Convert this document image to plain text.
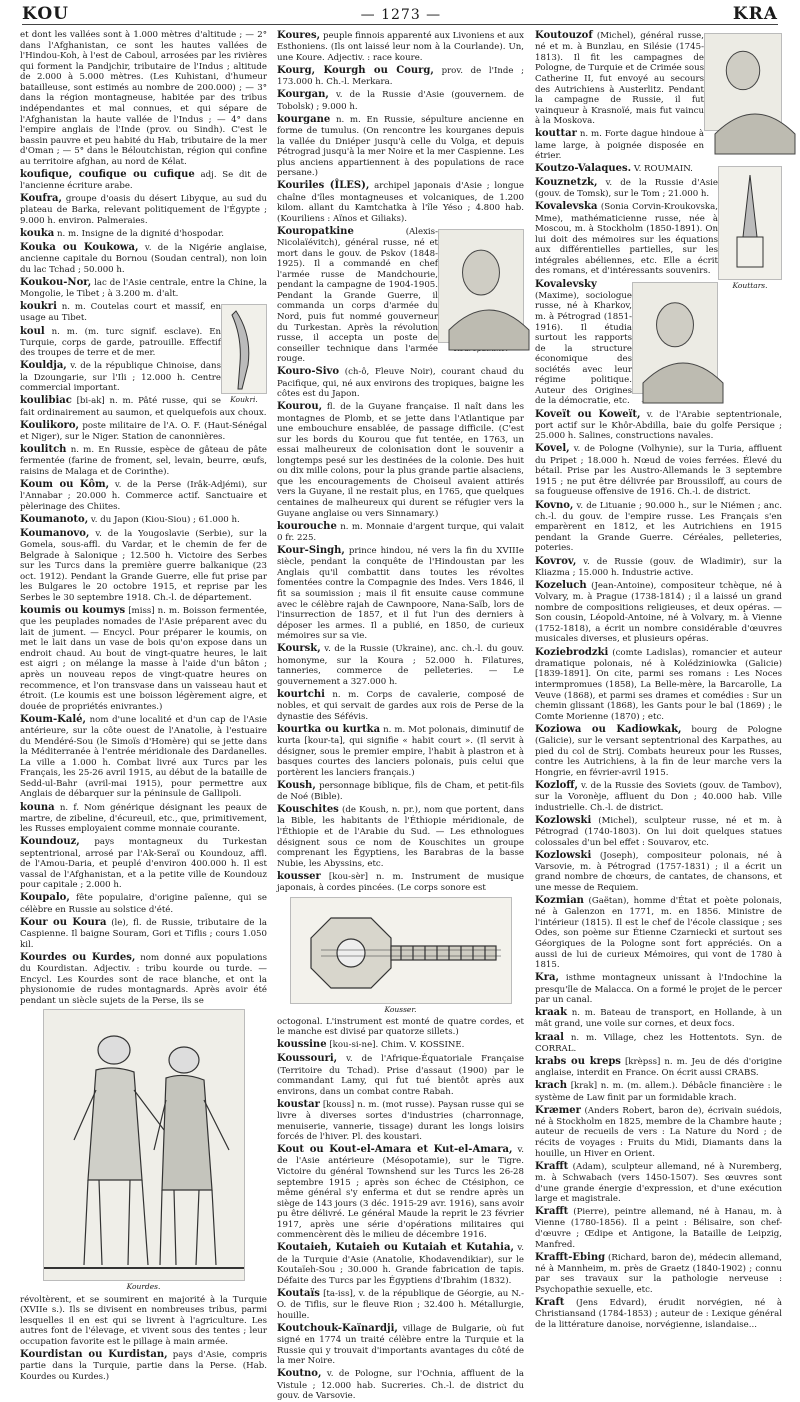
KOU	— 1273 —	KRA

et dont les vallées sont à 1.000 mètres d'altitude ; — 2° dans l'Afghanistan, ce sont les hautes vallées de l'Hindou-Koh, à l'est de Caboul, arrosées par les rivières qui forment la Pandjchir, tributaire de l'Indus ; altitude de 2.000 à 5.000 mètres. (Les Kuhistani, d'humeur batailleuse, sont estimés au nombre de 200.000) ; — 3° dans la région montagneuse, habitée par des tribus indépendantes et mal connues, et qui sépare de l'Afghanistan la haute vallée de l'Indus ; — 4° dans l'empire anglais de l'Inde (prov. ou Sindh). C'est le bassin pauvre et peu habité du Hab, tributaire de la mer d'Oman ; — 5° dans le Béloutchistan, région qui confine au territoire afghan, au nord de Kélat.

koufique, coufique ou cufique adj. Se dit de l'ancienne écriture arabe.

Koufra, groupe d'oasis du désert Libyque, au sud du plateau de Barka, relevant politiquement de l'Égypte ; 9.000 h. environ. Palmeraies.

kouka n. m. Insigne de la dignité d'hospodar.

Kouka ou Koukowa, v. de la Nigérie anglaise, ancienne capitale du Bornou (Soudan central), non loin du lac Tchad ; 50.000 h.

Koukou-Nor, lac de l'Asie centrale, entre la Chine, la Mongolie, le Tibet ; à 3.200 m. d'alt.

Koukri.

koukri n. m. Coutelas court et massif, en usage au Tibet.

koul n. m. (m. turc signif. esclave). En Turquie, corps de garde, patrouille. Effectif des troupes de terre et de mer.

Kouldja, v. de la république Chinoise, dans la Dzoungarie, sur l'Ili ; 12.000 h. Centre commercial important.

koulibiac [bi-ak] n. m. Pâté russe, qui se fait ordinairement au saumon, et quelquefois aux choux.

Koulikoro, poste militaire de l'A. O. F. (Haut-Sénégal et Niger), sur le Niger. Station de canonnières.

koulitch n. m. En Russie, espèce de gâteau de pâte fermentée (farine de froment, sel, levain, beurre, œufs, raisins de Malaga et de Corinthe).

Koum ou Kôm, v. de la Perse (Irâk-Adjémi), sur l'Annabar ; 20.000 h. Commerce actif. Sanctuaire et pèlerinage des Chiites.

Koumanoto, v. du Japon (Kiou-Siou) ; 61.000 h.

Koumanovo, v. de la Yougoslavie (Serbie), sur la Gomela, sous-affl. du Vardar, et le chemin de fer de Belgrade à Salonique ; 12.500 h. Victoire des Serbes sur les Turcs dans la première guerre balkanique (23 oct. 1912). Pendant la Grande Guerre, elle fut prise par les Bulgares le 20 octobre 1915, et reprise par les Serbes le 30 septembre 1918. Ch.-l. de département.

koumis ou koumys [miss] n. m. Boisson fermentée, que les peuplades nomades de l'Asie préparent avec du lait de jument. — Encycl. Pour préparer le koumis, on met le lait dans un vase de bois qu'on expose dans un endroit chaud. Au bout de vingt-quatre heures, le lait est aigri ; on mélange la masse à l'aide d'un bâton ; après un nouveau repos de vingt-quatre heures on recommence, et l'on transvase dans un vaisseau haut et étroit. (Le koumis est une boisson légèrement aigre, et douée de propriétés enivrantes.)

Koum-Kalé, nom d'une localité et d'un cap de l'Asie antérieure, sur la côte ouest de l'Anatolie, à l'estuaire du Mendéré-Sou (le Simoïs d'Homère) qui se jette dans la Méditerranée à l'entrée méridionale des Dardanelles. La ville a 1.000 h. Combat livré aux Turcs par les Français, les 25-26 avril 1915, au début de la bataille de Sedd-ul-Bahr (avril-mai 1915), pour permettre aux Anglais de débarquer sur la péninsule de Gallipoli.

kouna n. f. Nom générique désignant les peaux de martre, de zibeline, d'écureuil, etc., que, primitivement, les Russes employaient comme monnaie courante.

Koundouz, pays montagneux du Turkestan septentrional, arrosé par l'Ak-Seraï ou Koundouz, affl. de l'Amou-Daria, et peuplé d'environ 400.000 h. Il est vassal de l'Afghanistan, et a la petite ville de Koundouz pour capitale ; 2.000 h.

Koupalo, fête populaire, d'origine païenne, qui se célèbre en Russie au solstice d'été.

Kour ou Koura (le), fl. de Russie, tributaire de la Caspienne. Il baigne Souram, Gori et Tiflis ; cours 1.050 kil.

Kourdes ou Kurdes, nom donné aux populations du Kourdistan. Adjectiv. : tribu kourde ou turde. — Encycl. Les Kourdes sont de race blanche, et ont la physionomie de rudes montagnards. Après avoir été pendant un siècle sujets de la Perse, ils se

Kourdes.

révoltèrent, et se soumirent en majorité à la Turquie (XVIIe s.). Ils se divisent en nombreuses tribus, parmi lesquelles il en est qui se livrent à l'agriculture. Les autres font de l'élevage, et vivent sous des tentes ; leur occupation favorite est le pillage à main armée.

Kourdistan ou Kurdistan, pays d'Asie, compris partie dans la Turquie, partie dans la Perse. (Hab. Kourdes ou Kurdes.)

Koures, peuple finnois apparenté aux Livoniens et aux Esthoniens. (Ils ont laissé leur nom à la Courlande). Un, une Koure. Adjectiv. : race koure.

Kourg, Kourgh ou Courg, prov. de l'Inde ; 173.000 h. Ch.-l. Merkara.

Kourgan, v. de la Russie d'Asie (gouvernem. de Tobolsk) ; 9.000 h.

kourgane n. m. En Russie, sépulture ancienne en forme de tumulus. (On rencontre les kourganes depuis la vallée du Dniéper jusqu'à celle du Volga, et depuis Pétrograd jusqu'à la mer Noire et la mer Caspienne. Les plus anciens appartiennent à des populations de race persane.)

Kouriles (ÎLES), archipel japonais d'Asie ; longue chaîne d'îles montagneuses et volcaniques, de 1.200 kilom. allant du Kamtchatka à l'île Yéso ; 4.800 hab. (Kouriliens : Aïnos et Giliaks).

Kouropatkine	(Alexis-Nicolaïévitch), général russe, né et mort dans le gouv. de Pskov (1848-1925). Il a commandé en chef l'armée russe de Mandchourie, pendant la campagne de 1904-1905. Pendant la Grande Guerre, il commanda un corps d'armée du Nord, puis fut nommé gouverneur du Turkestan. Après la révolution russe, il accepta un poste de conseiller technique dans l'armée rouge.

Kouro-Sivo (ch-ô, Fleuve Noir), courant chaud du Pacifique, qui, né aux environs des tropiques, baigne les côtes est du Japon.

Kourou, fl. de la Guyane française. Il naît dans les montagnes de Plomb, et se jette dans l'Atlantique par une embouchure ensablée, de passage difficile. (C'est sur les bords du Kourou que fut tentée, en 1763, un essai malheureux de colonisation dont le souvenir a longtemps pesé sur les destinées de la colonie. Des huit ou dix mille colons, pour la plus grande partie alsaciens, que les encouragements de Choiseul avaient attirés vers la Guyane, il ne restait plus, en 1765, que quelques centaines de malheureux qui durent se réfugier vers la Guyane anglaise ou vers Sinnamary.)

kourouche n. m. Monnaie d'argent turque, qui valait 0 fr. 225.

Kour-Singh, prince hindou, né vers la fin du XVIIIe siècle, pendant la conquête de l'Hindoustan par les Anglais qu'il combattit dans toutes les révoltes fomentées contre la Compagnie des Indes. Vers 1846, il fit sa soumission ; mais il fit ensuite cause commune avec le célèbre rajah de Cawnpoore, Nana-Saïb, lors de l'insurrection de 1857, et il fut l'un des derniers à déposer les armes. Il a publié, en 1850, de curieux mémoires sur sa vie.

Koursk, v. de la Russie (Ukraine), anc. ch.-l. du gouv. homonyme, sur la Koura ; 52.000 h. Filatures, tanneries, commerce de pelleteries. — Le gouvernement a 327.000 h.

kourtchi n. m. Corps de cavalerie, composé de nobles, et qui servait de gardes aux rois de Perse de la dynastie des Séfévis.

kourtka ou kurtka n. m. Mot polonais, diminutif de kurta [kour-ta], qui signifie « habit court ». (Il servit à désigner, sous le premier empire, l'habit à plastron et à basques courtes des lanciers polonais, puis celui que portèrent les lanciers français.)

Koush, personnage biblique, fils de Cham, et petit-fils de Noé (Bible).

Kouschites (de Koush, n. pr.), nom que portent, dans la Bible, les habitants de l'Éthiopie méridionale, de l'Éthiopie et de l'Arabie du Sud. — Les ethnologues désignent sous ce nom de Kouschites un groupe comprenant les Égyptiens, les Barabras de la basse Nubie, les Abyssins, etc.

kousser [kou-sèr] n. m. Instrument de musique japonais, à cordes pincées. (Le corps sonore est

Kousser.

octogonal. L'instrument est monté de quatre cordes, et le manche est divisé par quatorze sillets.)

koussine [kou-si-ne]. Chim. V. KOSSINE.

Koussouri, v. de l'Afrique-Équatoriale Française (Territoire du Tchad). Prise d'assaut (1900) par le commandant Lamy, qui fut tué bientôt après aux environs, dans un combat contre Rabah.

koustar [kouss] n. m. (mot russe). Paysan russe qui se livre à diverses sortes d'industries (charronnage, menuiserie, vannerie, tissage) durant les longs loisirs forcés de l'hiver. Pl. des koustari.

Kout ou Kout-el-Amara et Kut-el-Amara, v. de l'Asie antérieure (Mésopotamie), sur le Tigre. Victoire du général Townshend sur les Turcs les 26-28 septembre 1915 ; après son échec de Ctésiphon, ce même général s'y enferma et dut se rendre après un siège de 143 jours (3 déc. 1915-29 avr. 1916), sans avoir pu être délivré. Le général Maude la reprit le 23 février 1917, après une série d'opérations militaires qui commencèrent dès le milieu de décembre 1916.

Koutaieh, Kutaieh ou Kutaiah et Kutahia, v. de la Turquie d'Asie (Anatolie, Khodavendikiar), sur le Koutaïeh-Sou ; 30.000 h. Grande fabrication de tapis. Défaite des Turcs par les Égyptiens d'Ibrahim (1832).

Koutaïs [ta-iss], v. de la république de Géorgie, au N.-O. de Tiflis, sur le fleuve Rion ; 32.400 h. Métallurgie, houille.

Koutchouk-Kaïnardji, village de Bulgarie, où fut signé en 1774 un traité célèbre entre la Turquie et la Russie qui y trouvait d'importants avantages du côté de la mer Noire.

Koutno, v. de Pologne, sur l'Ochnia, affluent de la Vistule ; 12.000 hab. Sucreries. Ch.-l. de district du gouv. de Varsovie.

Koutouzof (Michel), général russe, né et m. à Bunzlau, en Silésie (1745-1813). Il fit les campagnes de Pologne, de Turquie et de Crimée sous Catherine II, fut envoyé au secours des Autrichiens à Austerlitz. Pendant la campagne de Russie, il fut vainqueur à Krasnoïé, mais fut vaincu à la Moskova.

kouttar n. m. Forte dague hindoue à lame large, à poignée disposée en étrier.

Kouttars.

Koutzo-Valaques. V. ROUMAIN.

Kouznetzk, v. de la Russie d'Asie (gouv. de Tomsk), sur le Tom ; 21.000 h.

Kovalevska (Sonia Corvin-Kroukovska, Mme), mathématicienne russe, née à Moscou, m. à Stockholm (1850-1891). On lui doit des mémoires sur les équations aux différentielles partielles, sur les intégrales abéliennes, etc. Elle a écrit des romans, et d'intéressants souvenirs.

Kovalevsky (Maxime), sociologue russe, né à Kharkov, m. à Pétrograd (1851-1916). Il étudia surtout les rapports de la structure économique des sociétés avec leur régime politique. Auteur des Origines de la démocratie, etc.

Koveït ou Koweït, v. de l'Arabie septentrionale, port actif sur le Khôr-Abdilla, baie du golfe Persique ; 25.000 h. Salines, constructions navales.

Kovel, v. de Pologne (Volhynie), sur la Turia, affluent du Pripet ; 18.000 h. Nœud de voies ferrées. Élevé du bétail. Prise par les Austro-Allemands le 3 septembre 1915 ; ne put être délivrée par Broussiloff, au cours de sa fougueuse offensive de 1916. Ch.-l. de district.

Kovno, v. de Lituanie ; 90.000 h., sur le Niémen ; anc. ch.-l. du gouv. de l'empire russe. Les Français s'en emparèrent en 1812, et les Autrichiens en 1915 pendant la Grande Guerre. Céréales, pelleteries, poteries.

Kovrov, v. de Russie (gouv. de Wladimir), sur la Kliazma ; 15.000 h. Industrie active.

Kozeluch (Jean-Antoine), compositeur tchèque, né à Volvary, m. à Prague (1738-1814) ; il a laissé un grand nombre de compositions religieuses, et deux opéras. — Son cousin, Léopold-Antoine, né à Volvary, m. à Vienne (1752-1818), a écrit un nombre considérable d'œuvres musicales diverses, et plusieurs opéras.

Koziebrodzki (comte Ladislas), romancier et auteur dramatique polonais, né à Kolédziniowka (Galicie) [1839-1891]. On cite, parmi ses romans : Les Noces intermpromues (1858), La Belle-mère, la Barcarolle, La Veuve (1868), et parmi ses drames et comédies : Sur un chemin glissant (1868), les Gants pour le bal (1869) ; le Comte Morienne (1870) ; etc.

Koziowa ou Kadiowkak, bourg de Pologne (Galicie), sur le versant septentrional des Karpathes, au pied du col de Strij. Combats heureux pour les Russes, contre les Autrichiens, à la fin de leur marche vers la Hongrie, en février-avril 1915.

Kozloff, v. de la Russie des Soviets (gouv. de Tambov), sur la Voronèje, affluent du Don ; 40.000 hab. Ville industrielle. Ch.-l. de district.

Kozlowski (Michel), sculpteur russe, né et m. à Pétrograd (1740-1803). On lui doit quelques statues colossales d'un bel effet : Souvarov, etc.

Kozlowski (Joseph), compositeur polonais, né à Varsovie, m. à Pétrograd (1757-1831) ; il a écrit un grand nombre de chœurs, de cantates, de chansons, et une messe de Requiem.

Kozmian (Gaëtan), homme d'État et poète polonais, né à Galenzon en 1771, m. en 1856. Ministre de l'intérieur (1815). Il est le chef de l'école classique ; ses Odes, son poème sur Étienne Czarniecki et surtout ses Géorgiques de la Pologne sont fort appréciés. On a aussi de lui de curieux Mémoires, qui vont de 1780 à 1815.

Kra, isthme montagneux unissant à l'Indochine la presqu'île de Malacca. On a formé le projet de le percer par un canal.

kraak n. m. Bateau de transport, en Hollande, à un mât grand, une voile sur cornes, et deux focs.

kraal n. m. Village, chez les Hottentots. Syn. de CORRAL.

krabs ou kreps [krèpss] n. m. Jeu de dés d'origine anglaise, interdit en France. On écrit aussi CRABS.

krach [krak] n. m. (m. allem.). Débâcle financière : le système de Law finit par un formidable krach.

Kræmer (Anders Robert, baron de), écrivain suédois, né à Stockholm en 1825, membre de la Chambre haute ; auteur de recueils de vers : La Nature du Nord ; de récits de voyages : Fruits du Midi, Diamants dans la houille, un Hiver en Orient.

Krafft (Adam), sculpteur allemand, né à Nuremberg, m. à Schwabach (vers 1450-1507). Ses œuvres sont d'une grande énergie d'expression, et d'une exécution large et magistrale.

Krafft (Pierre), peintre allemand, né à Hanau, m. à Vienne (1780-1856). Il a peint : Bélisaire, son chef-d'œuvre ; Œdipe et Antigone, la Bataille de Leipzig, Manfred.

Krafft-Ebing (Richard, baron de), médecin allemand, né à Mannheim, m. près de Graetz (1840-1902) ; connu par ses travaux sur la pathologie nerveuse : Psychopathie sexuelle, etc.

Kraft (Jens Edvard), érudit norvégien, né à Christiansand (1784-1853) ; auteur de : Lexique général de la littérature danoise, norvégienne, islandaise...
